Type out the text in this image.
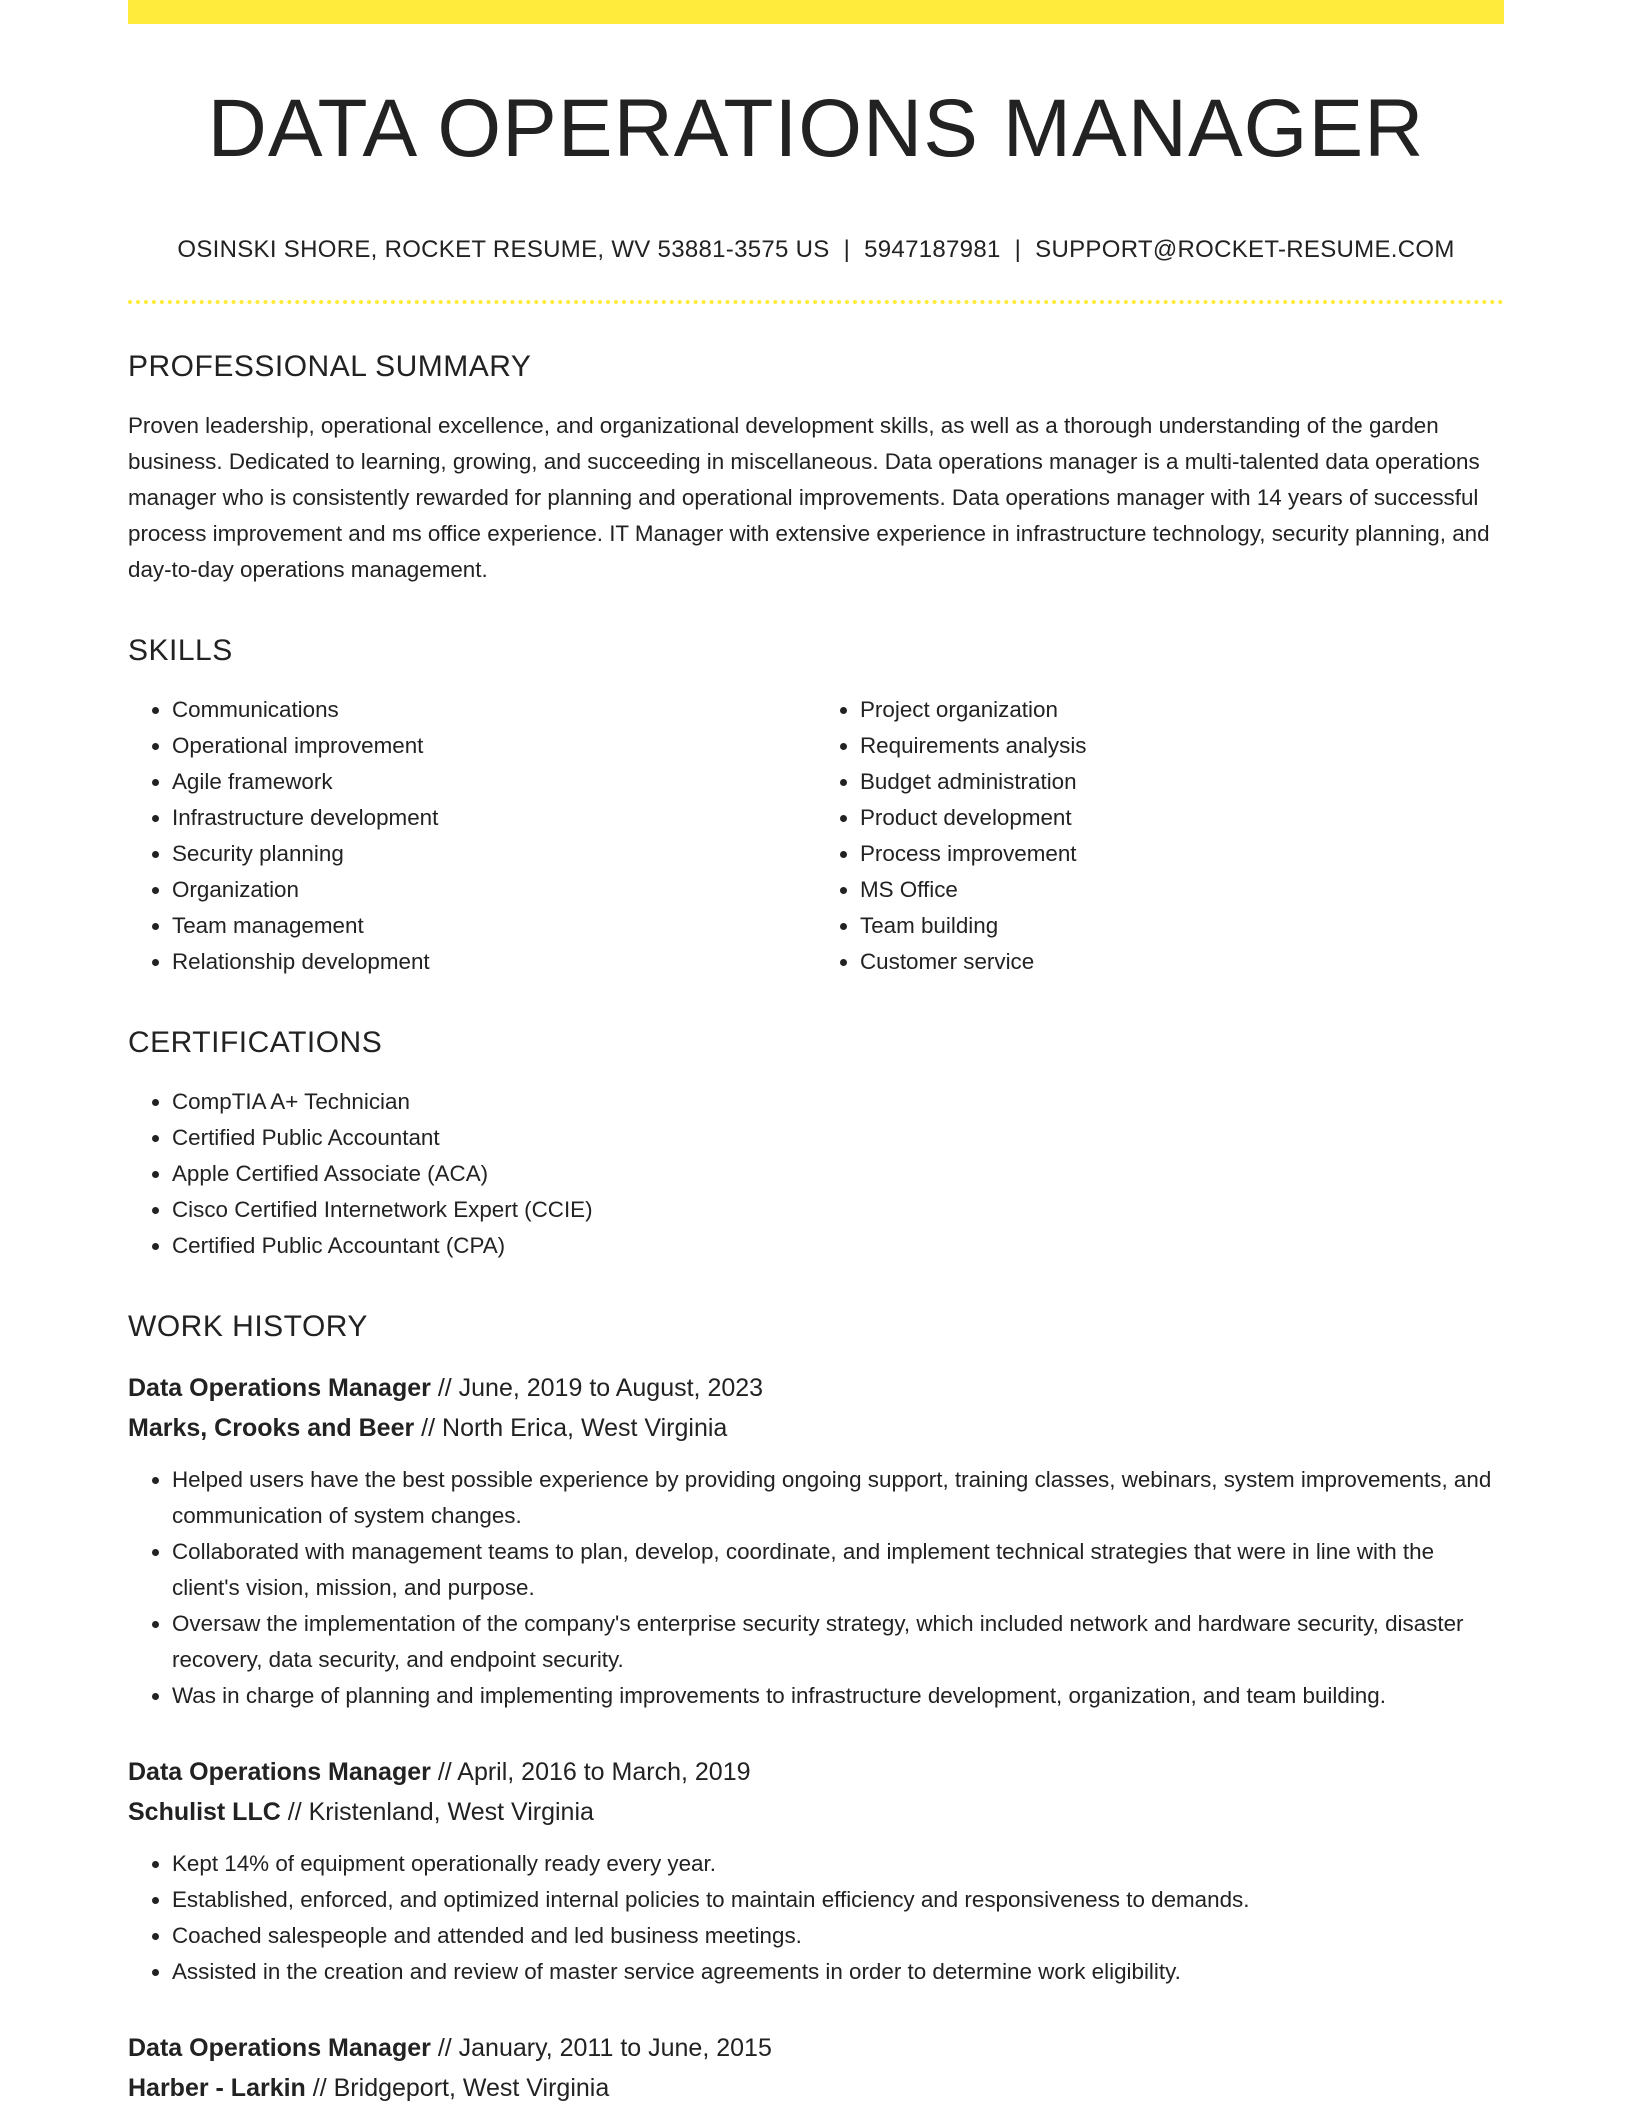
DATA OPERATIONS MANAGER
OSINSKI SHORE, ROCKET RESUME, WV 53881-3575 US | 5947187981 | SUPPORT@ROCKET-RESUME.COM
PROFESSIONAL SUMMARY

Proven leadership, operational excellence, and organizational development skills, as well as a thorough understanding of the garden business. Dedicated to learning, growing, and succeeding in miscellaneous. Data operations manager is a multi-talented data operations manager who is consistently rewarded for planning and operational improvements. Data operations manager with 14 years of successful process improvement and ms office experience. IT Manager with extensive experience in infrastructure technology, security planning, and day-to-day operations management.

SKILLS
• Communications
• Operational improvement
• Agile framework
• Infrastructure development
• Security planning
• Organization
• Team management
• Relationship development
• Project organization
• Requirements analysis
• Budget administration
• Product development
• Process improvement
• MS Office
• Team building
• Customer service
CERTIFICATIONS
• CompTIA A+ Technician
• Certified Public Accountant
• Apple Certified Associate (ACA)
• Cisco Certified Internetwork Expert (CCIE)
• Certified Public Accountant (CPA)
WORK HISTORY
Data Operations Manager // June, 2019 to August, 2023
Marks, Crooks and Beer // North Erica, West Virginia
• Helped users have the best possible experience by providing ongoing support, training classes, webinars, system improvements, and communication of system changes.
• Collaborated with management teams to plan, develop, coordinate, and implement technical strategies that were in line with the client's vision, mission, and purpose.
• Oversaw the implementation of the company's enterprise security strategy, which included network and hardware security, disaster recovery, data security, and endpoint security.
• Was in charge of planning and implementing improvements to infrastructure development, organization, and team building.
Data Operations Manager // April, 2016 to March, 2019
Schulist LLC // Kristenland, West Virginia
• Kept 14% of equipment operationally ready every year.
• Established, enforced, and optimized internal policies to maintain efficiency and responsiveness to demands.
• Coached salespeople and attended and led business meetings.
• Assisted in the creation and review of master service agreements in order to determine work eligibility.
Data Operations Manager // January, 2011 to June, 2015
Harber - Larkin // Bridgeport, West Virginia
